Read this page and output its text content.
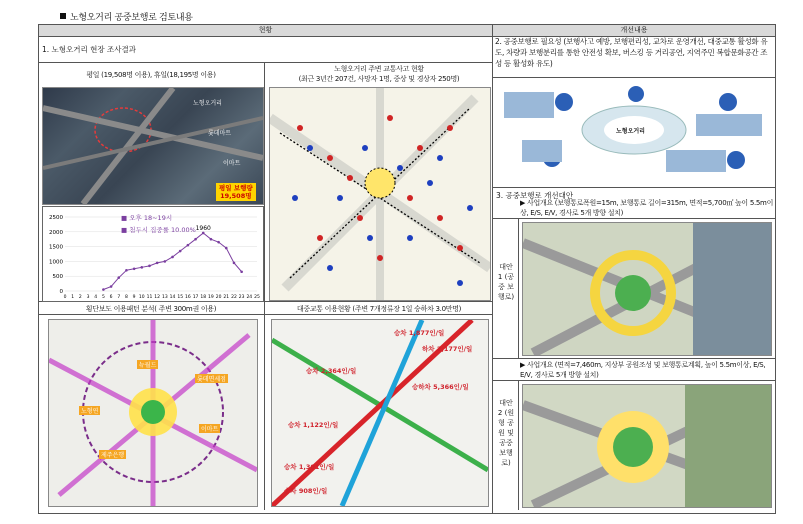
노형오거리 공중보행로 검토내용
현황	개선내용

1. 노형오거리 현장 조사결과
평일 (19,508명 이용), 휴일(18,195명 이용)
노형오거리
롯데마트
이마트
평일 보행량
19,508명
0
500
1000
1500
2000
2500
0 1 2 3 4 5 6 7 8 9 10 11 12 13 14 15 16 17 18 19 20 21 22 23 24 25
1960
■ 오후 18~19시
■ 첨두시 집중률 10.00%
노형오거리 주변 교통사고 현황
(최근 3년간 207건, 사망자 1명, 중상 및 경상자 250명)
횡단보도 이용패턴 분석( 주변 300m권 이용)
뉴월드
롯데면세점
노형연
이마트
제주은행
대중교통 이용현황 (주변 7개정류장 1일 승하차 3.0만명)
승차 1,877인/일
하차 2,177인/일
승차 2,364인/일
승하차 5,366인/일
승차 1,122인/일
승차 1,301인/일
승차 908인/일
2. 공중보행로 필요성 (보행사고 예방, 보행편리성, 교차로 운영개선, 대중교통 활성화 유도, 차량과 보행분리를 통한 안전성 확보, 버스킹 등 거리공연, 지역주민 복합문화공간 조성 등 활성화 유도)
노형오거리
3. 공중보행로 개선대안
▶ 사업개요 (보행통로폭원=15m, 보행통로 길이=315m, 면적=5,700㎡ 높이 5.5m이상, E/S, E/V, 경사로 5개 방향 설치)
대안 1 (공중 보행로)
▶ 사업개요 (면적=7,460m, 지상부 공원조성 및 보행통로계획, 높이 5.5m이상, E/S, E/V, 경사로 5개 방향 설치)
대안 2 (원형 공원 및 공중 보행로)
